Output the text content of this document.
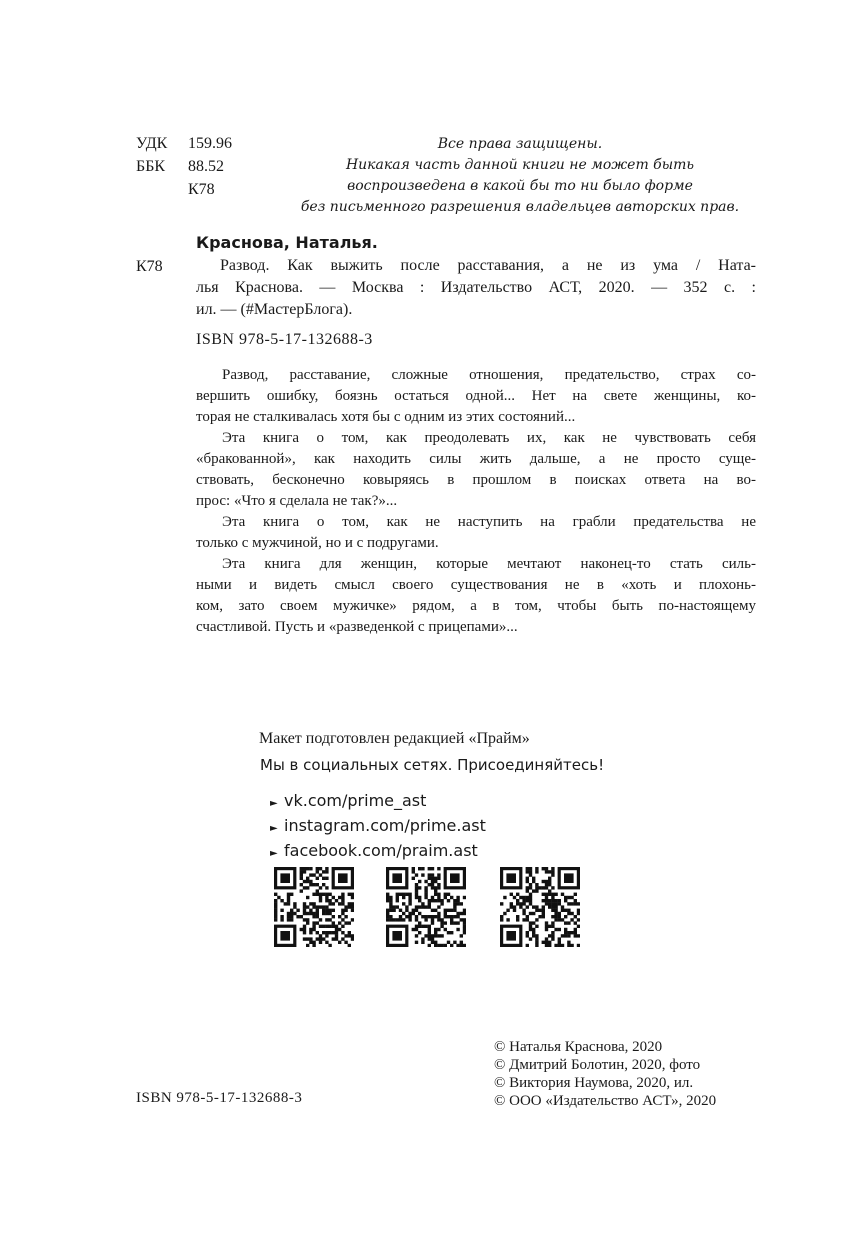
УДК 159.96
ББК 88.52
К78
Все права защищены.
Никакая часть данной книги не может быть
воспроизведена в какой бы то ни было форме
без письменного разрешения владельцев авторских прав.
Краснова, Наталья.
К78	Развод. Как выжить после расставания, а не из ума / Ната-
лья Краснова. — Москва : Издательство АСТ, 2020. — 352 с. :
ил. — (#МастерБлога).
ISBN 978-5-17-132688-3
Развод, расставание, сложные отношения, предательство, страх со-
вершить ошибку, боязнь остаться одной... Нет на свете женщины, ко-
торая не сталкивалась хотя бы с одним из этих состояний...
Эта книга о том, как преодолевать их, как не чувствовать себя
«бракованной», как находить силы жить дальше, а не просто суще-
ствовать, бесконечно ковыряясь в прошлом в поисках ответа на во-
прос: «Что я сделала не так?»...
Эта книга о том, как не наступить на грабли предательства не
только с мужчиной, но и с подругами.
Эта книга для женщин, которые мечтают наконец-то стать силь-
ными и видеть смысл своего существования не в «хоть и плохонь-
ком, зато своем мужичке» рядом, а в том, чтобы быть по-настоящему
счастливой. Пусть и «разведенкой с прицепами»...
Макет подготовлен редакцией «Прайм»
Мы в социальных сетях. Присоединяйтесь!
► vk.com/prime_ast
► instagram.com/prime.ast
► facebook.com/praim.ast
© Наталья Краснова, 2020
© Дмитрий Болотин, 2020, фото
© Виктория Наумова, 2020, ил.
© ООО «Издательство АСТ», 2020
ISBN 978-5-17-132688-3
